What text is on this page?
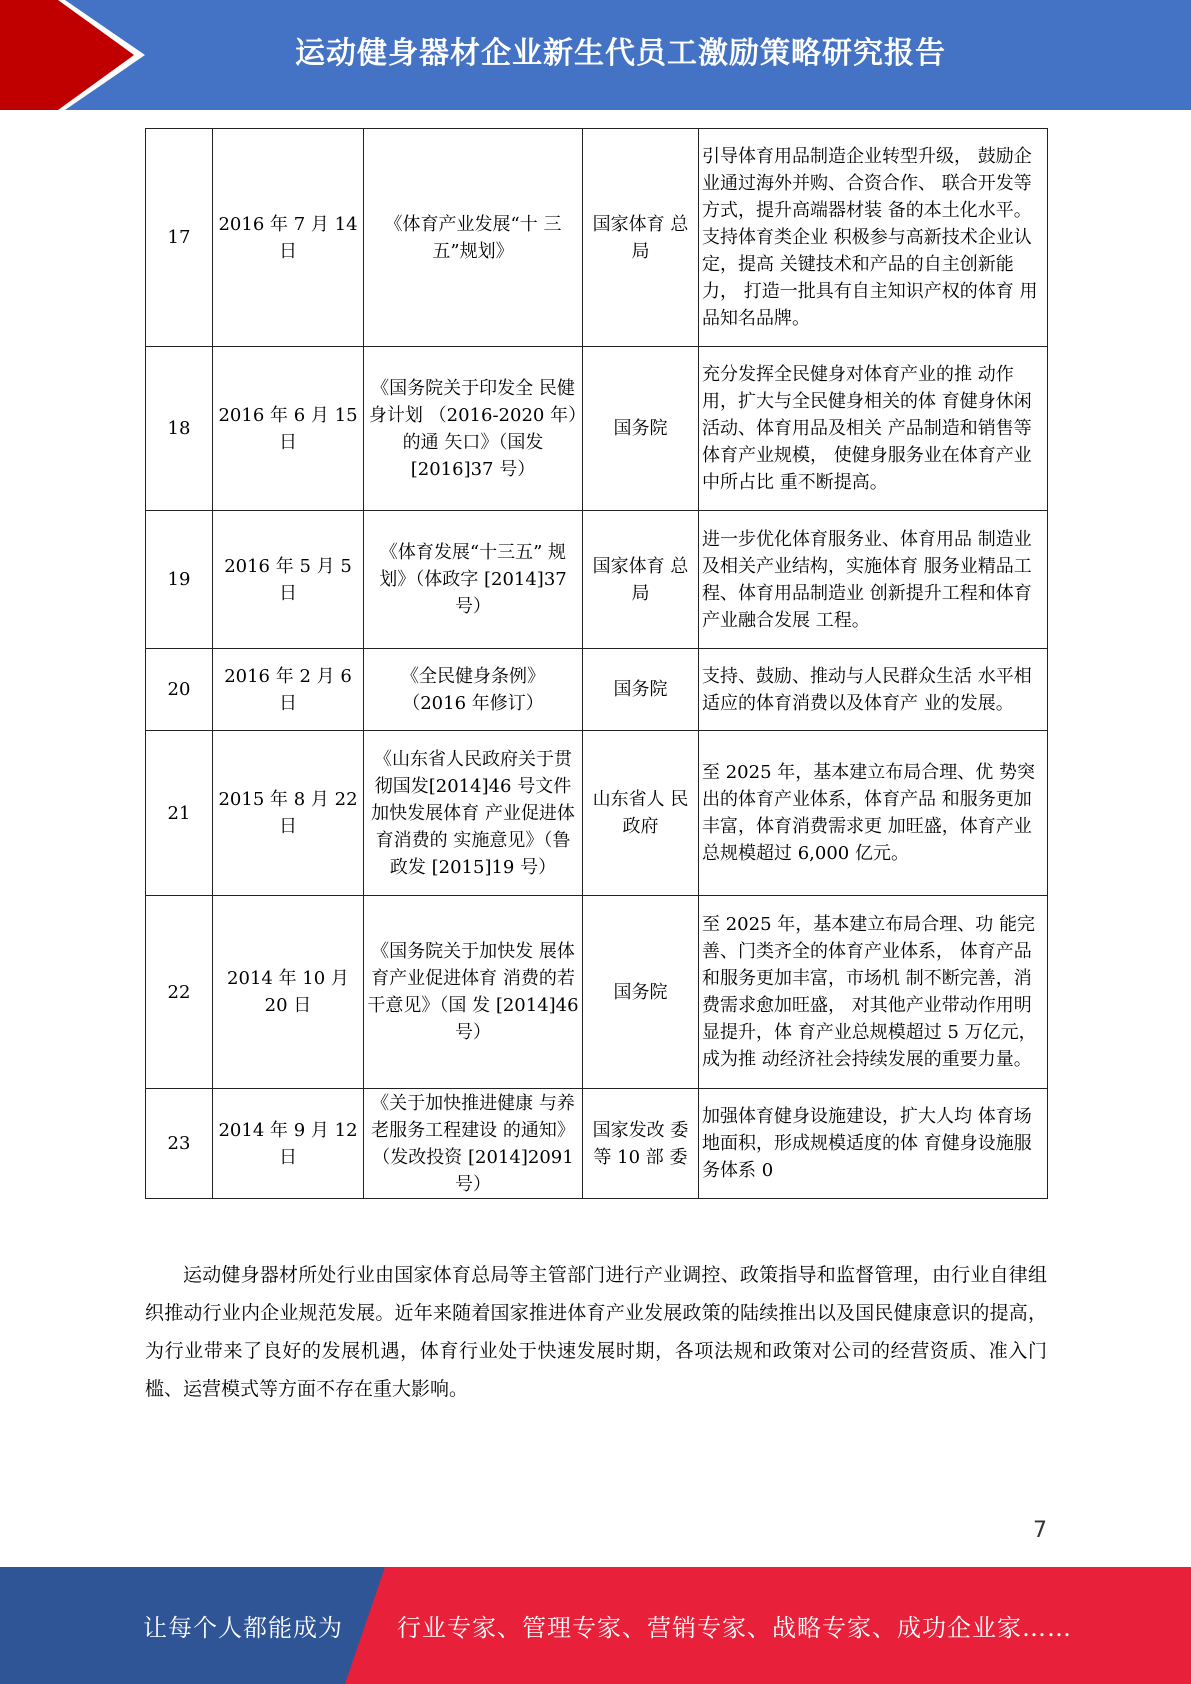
运动健身器材企业新生代员工激励策略研究报告
17	2016 年 7 月 14 日	《体育产业发展“十 三五”规划》	国家体育 总局	引导体育用品制造企业转型升级， 鼓励企业通过海外并购、合资合作、 联合开发等方式，提升高端器材装 备的本土化水平。支持体育类企业 积极参与高新技术企业认定，提高 关键技术和产品的自主创新能力， 打造一批具有自主知识产权的体育 用品知名品牌。
18	2016 年 6 月 15 日	《国务院关于印发全 民健身计划 （2016-2020 年）的通 矢口》（国发 [2016]37 号）	国务院	充分发挥全民健身对体育产业的推 动作用，扩大与全民健身相关的体 育健身休闲活动、体育用品及相关 产品制造和销售等体育产业规模， 使健身服务业在体育产业中所占比 重不断提高。
19	2016 年 5 月 5 日	《体育发展“十三五” 规划》（体政字 [2014]37 号）	国家体育 总局	进一步优化体育服务业、体育用品 制造业及相关产业结构，实施体育 服务业精品工程、体育用品制造业 创新提升工程和体育产业融合发展 工程。
20	2016 年 2 月 6 日	《全民健身条例》 （2016 年修订）	国务院	支持、鼓励、推动与人民群众生活 水平相适应的体育消费以及体育产 业的发展。
21	2015 年 8 月 22 日	《山东省人民政府关于贯彻国发[2014]46 号文件加快发展体育 产业促进体育消费的 实施意见》（鲁政发 [2015]19 号）	山东省人 民政府	至 2025 年，基本建立布局合理、优 势突出的体育产业体系，体育产品 和服务更加丰富，体育消费需求更 加旺盛，体育产业总规模超过 6,000 亿元。
22	2014 年 10 月 20 日	《国务院关于加快发 展体育产业促进体育 消费的若干意见》（国 发 [2014]46 号）	国务院	至 2025 年，基本建立布局合理、功 能完善、门类齐全的体育产业体系， 体育产品和服务更加丰富，市场机 制不断完善，消费需求愈加旺盛， 对其他产业带动作用明显提升，体 育产业总规模超过 5 万亿元，成为推 动经济社会持续发展的重要力量。
23	2014 年 9 月 12 日	《关于加快推进健康 与养老服务工程建设 的通知》（发改投资 [2014]2091 号）	国家发改 委等 10 部 委	加强体育健身设施建设，扩大人均 体育场地面积，形成规模适度的体 育健身设施服务体系 0

运动健身器材所处行业由国家体育总局等主管部门进行产业调控、政策指导和监督管理，由行业自律组织推动行业内企业规范发展。近年来随着国家推进体育产业发展政策的陆续推出以及国民健康意识的提高，为行业带来了良好的发展机遇，体育行业处于快速发展时期，各项法规和政策对公司的经营资质、准入门槛、运营模式等方面不存在重大影响。

7
让每个人都能成为 行业专家、管理专家、营销专家、战略专家、成功企业家……
